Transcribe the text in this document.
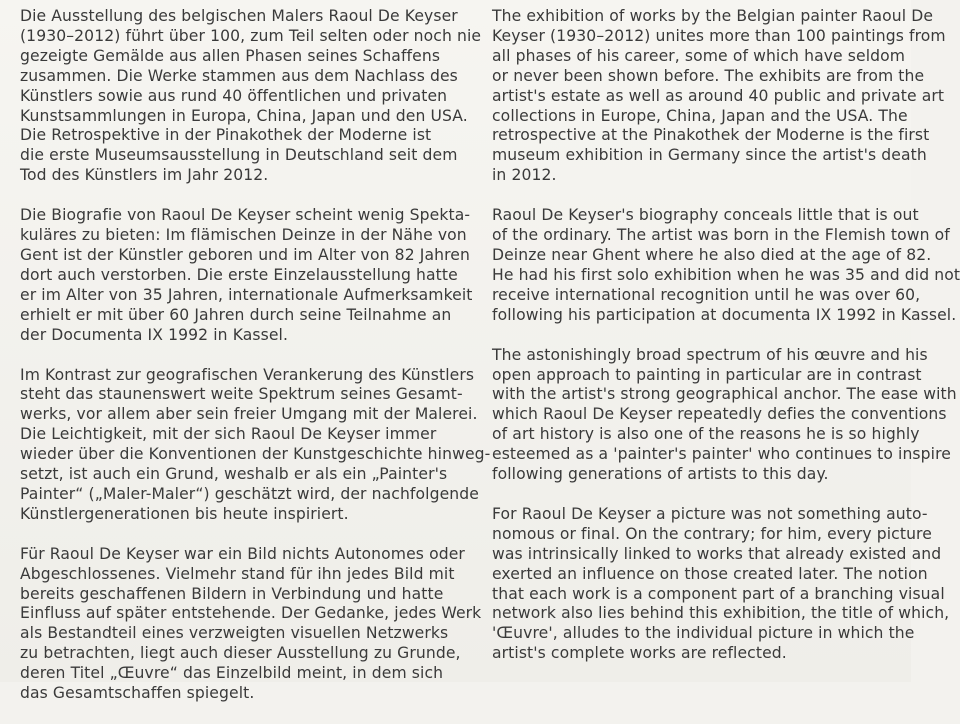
Die Ausstellung des belgischen Malers Raoul De Keyser
(1930–2012) führt über 100, zum Teil selten oder noch nie
gezeigte Gemälde aus allen Phasen seines Schaffens
zusammen. Die Werke stammen aus dem Nachlass des
Künstlers sowie aus rund 40 öffentlichen und privaten
Kunstsammlungen in Europa, China, Japan und den USA.
Die Retrospektive in der Pinakothek der Moderne ist
die erste Museumsausstellung in Deutschland seit dem
Tod des Künstlers im Jahr 2012.

Die Biografie von Raoul De Keyser scheint wenig Spekta-
kuläres zu bieten: Im flämischen Deinze in der Nähe von
Gent ist der Künstler geboren und im Alter von 82 Jahren
dort auch verstorben. Die erste Einzelausstellung hatte
er im Alter von 35 Jahren, internationale Aufmerksamkeit
erhielt er mit über 60 Jahren durch seine Teilnahme an
der Documenta IX 1992 in Kassel.

Im Kontrast zur geografischen Verankerung des Künstlers
steht das staunenswert weite Spektrum seines Gesamt-
werks, vor allem aber sein freier Umgang mit der Malerei.
Die Leichtigkeit, mit der sich Raoul De Keyser immer
wieder über die Konventionen der Kunstgeschichte hinweg-
setzt, ist auch ein Grund, weshalb er als ein „Painter's
Painter“ („Maler-Maler“) geschätzt wird, der nachfolgende
Künstlergenerationen bis heute inspiriert.

Für Raoul De Keyser war ein Bild nichts Autonomes oder
Abgeschlossenes. Vielmehr stand für ihn jedes Bild mit
bereits geschaffenen Bildern in Verbindung und hatte
Einfluss auf später entstehende. Der Gedanke, jedes Werk
als Bestandteil eines verzweigten visuellen Netzwerks
zu betrachten, liegt auch dieser Ausstellung zu Grunde,
deren Titel „Œuvre“ das Einzelbild meint, in dem sich
das Gesamtschaffen spiegelt.

The exhibition of works by the Belgian painter Raoul De
Keyser (1930–2012) unites more than 100 paintings from
all phases of his career, some of which have seldom
or never been shown before. The exhibits are from the
artist's estate as well as around 40 public and private art
collections in Europe, China, Japan and the USA. The
retrospective at the Pinakothek der Moderne is the first
museum exhibition in Germany since the artist's death
in 2012.

Raoul De Keyser's biography conceals little that is out
of the ordinary. The artist was born in the Flemish town of
Deinze near Ghent where he also died at the age of 82.
He had his first solo exhibition when he was 35 and did not
receive international recognition until he was over 60,
following his participation at documenta IX 1992 in Kassel.

The astonishingly broad spectrum of his œuvre and his
open approach to painting in particular are in contrast
with the artist's strong geographical anchor. The ease with
which Raoul De Keyser repeatedly defies the conventions
of art history is also one of the reasons he is so highly
esteemed as a 'painter's painter' who continues to inspire
following generations of artists to this day.

For Raoul De Keyser a picture was not something auto-
nomous or final. On the contrary; for him, every picture
was intrinsically linked to works that already existed and
exerted an influence on those created later. The notion
that each work is a component part of a branching visual
network also lies behind this exhibition, the title of which,
'Œuvre', alludes to the individual picture in which the
artist's complete works are reflected.
